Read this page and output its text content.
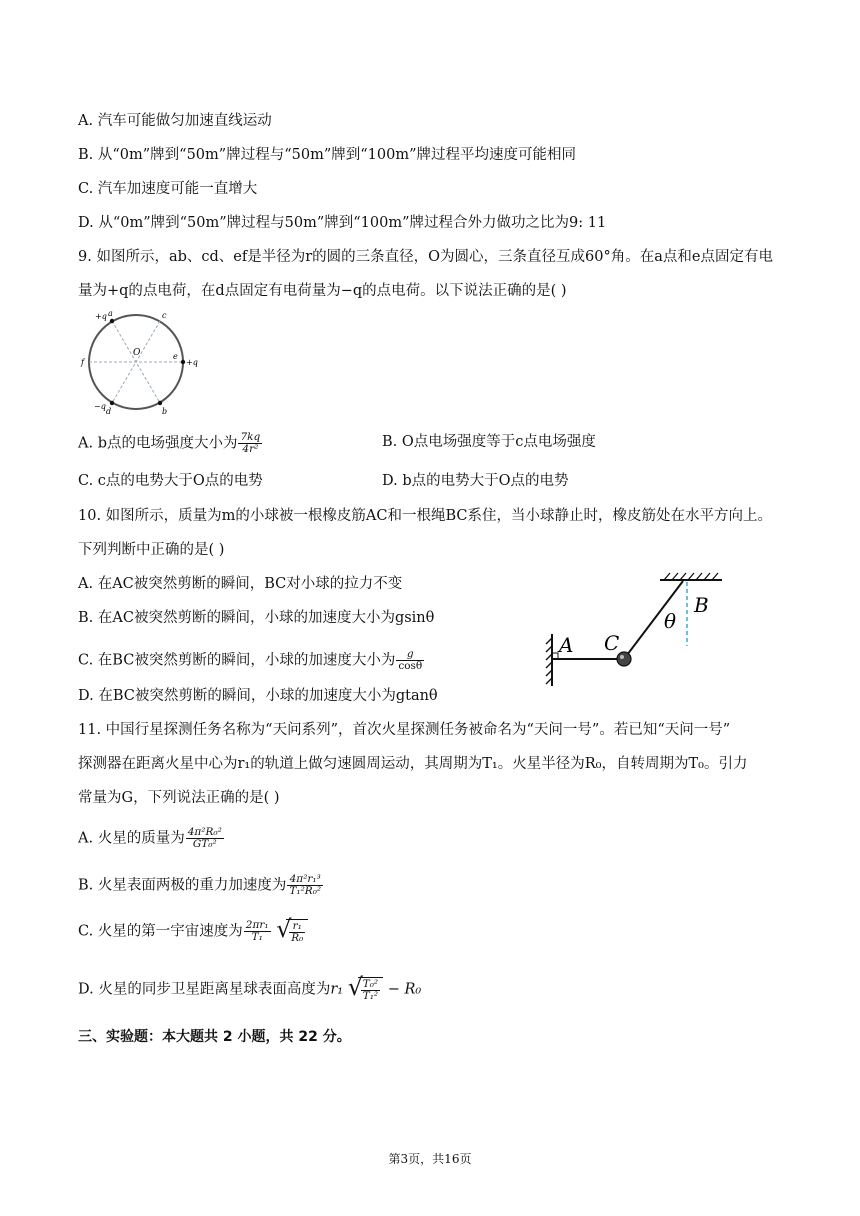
A. 汽车可能做匀加速直线运动
B. 从“0m”牌到“50m”牌过程与“50m”牌到“100m”牌过程平均速度可能相同
C. 汽车加速度可能一直增大
D. 从“0m”牌到“50m”牌过程与50m”牌到“100m”牌过程合外力做功之比为9: 11
9. 如图所示，ab、cd、ef是半径为r的圆的三条直径，O为圆心，三条直径互成60°角。在a点和e点固定有电
量为+q的点电荷，在d点固定有电荷量为−q的点电荷。以下说法正确的是( )
+q a	c
O
f
e
+q
−q
d	b
A. b点的电场强度大小为 $\frac{7kq}{\text{4r²}}$	B. O点电场强度等于c点电场强度
C. c点的电势大于O点的电势	D. b点的电势大于O点的电势
10. 如图所示，质量为m的小球被一根橡皮筋AC和一根绳BC系住，当小球静止时，橡皮筋处在水平方向上。
下列判断中正确的是( )
A. 在AC被突然剪断的瞬间，BC对小球的拉力不变
B. 在AC被突然剪断的瞬间，小球的加速度大小为gsinθ
C. 在BC被突然剪断的瞬间，小球的加速度大小为 $\frac{g}{\cos\theta}$
D. 在BC被突然剪断的瞬间，小球的加速度大小为gtanθ
A C
B
θ
11. 中国行星探测任务名称为“天问系列”，首次火星探测任务被命名为“天问一号”。若已知“天问一号”
探测器在距离火星中心为r₁的轨道上做匀速圆周运动，其周期为T₁。火星半径为R₀，自转周期为T₀。引力
常量为G，下列说法正确的是( )
A. 火星的质量为 $\frac{\text{4π²R₀²}}{\text{GT₀²}}$
B. 火星表面两极的重力加速度为 $\frac{\text{4π²r₁³}}{\text{T₁²R₀²}}$
C. 火星的第一宇宙速度为 $\frac{\text{2πr₁}}{\text{T₁}}$
√
$\frac{\text{r₁}}{\text{R₀}}$
D. 火星的同步卫星距离星球表面高度为r₁ √
$\frac{\text{T₀²}}{\text{T₁²}} - R_0$
三、实验题：本大题共 2 小题，共 22 分。
第3页，共16页
